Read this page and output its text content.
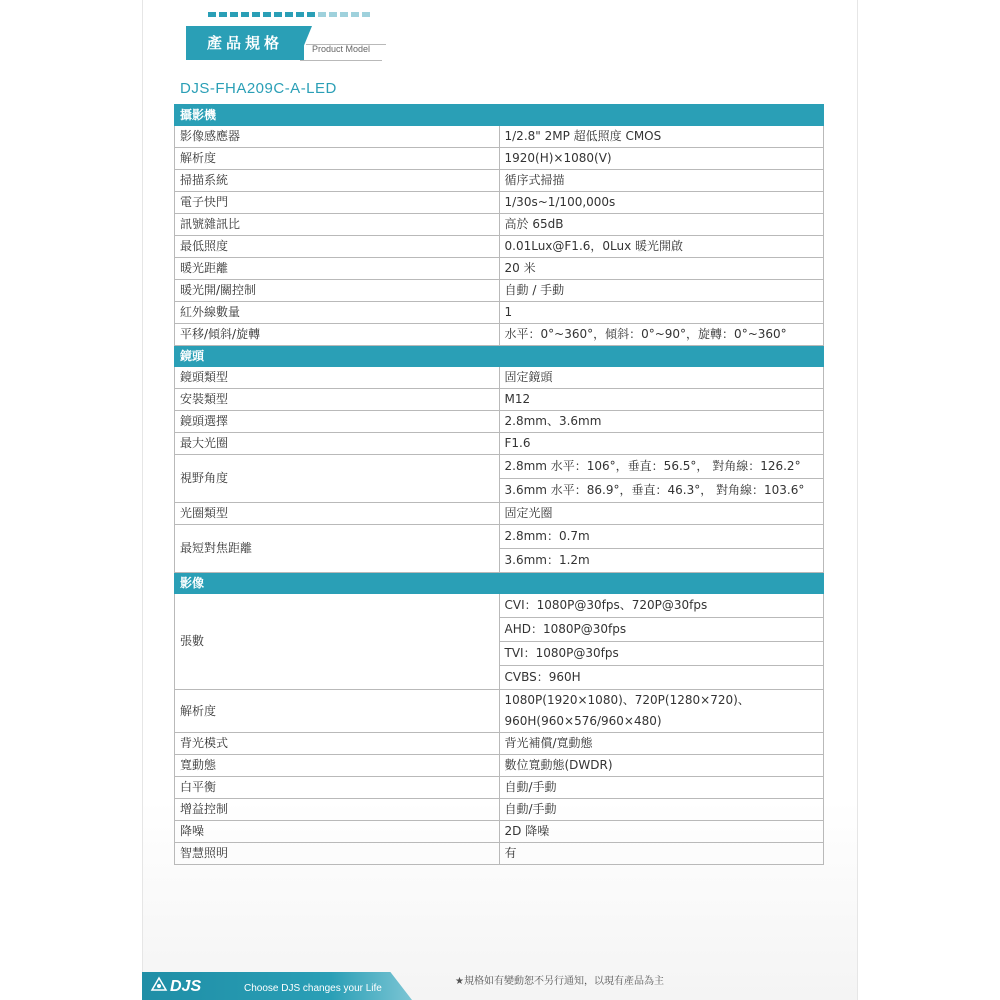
產品規格	Product Model
DJS-FHA209C-A-LED
攝影機	
影像感應器	1/2.8" 2MP 超低照度 CMOS
解析度	1920(H)×1080(V)
掃描系統	循序式掃描
電子快門	1/30s~1/100,000s
訊號雜訊比	高於 65dB
最低照度	0.01Lux@F1.6，0Lux 暖光開啟
暖光距離	20 米
暖光開/關控制	自動 / 手動
紅外線數量	1
平移/傾斜/旋轉	水平：0°~360°，傾斜：0°~90°，旋轉：0°~360°
鏡頭	
鏡頭類型	固定鏡頭
安裝類型	M12
鏡頭選擇	2.8mm、3.6mm
最大光圈	F1.6
視野角度	2.8mm 水平：106°，垂直：56.5°， 對角線：126.2°
	3.6mm 水平：86.9°，垂直：46.3°， 對角線：103.6°
光圈類型	固定光圈
最短對焦距離	2.8mm：0.7m
	3.6mm：1.2m
影像	
張數	CVI：1080P@30fps、720P@30fps
	AHD：1080P@30fps
	TVI：1080P@30fps
	CVBS：960H
解析度	1080P(1920×1080)、720P(1280×720)、960H(960×576/960×480)
背光模式	背光補償/寬動態
寬動態	數位寬動態(DWDR)
白平衡	自動/手動
增益控制	自動/手動
降噪	2D 降噪
智慧照明	有
DJS	Choose DJS changes your Life
★規格如有變動恕不另行通知，以現有產品為主
